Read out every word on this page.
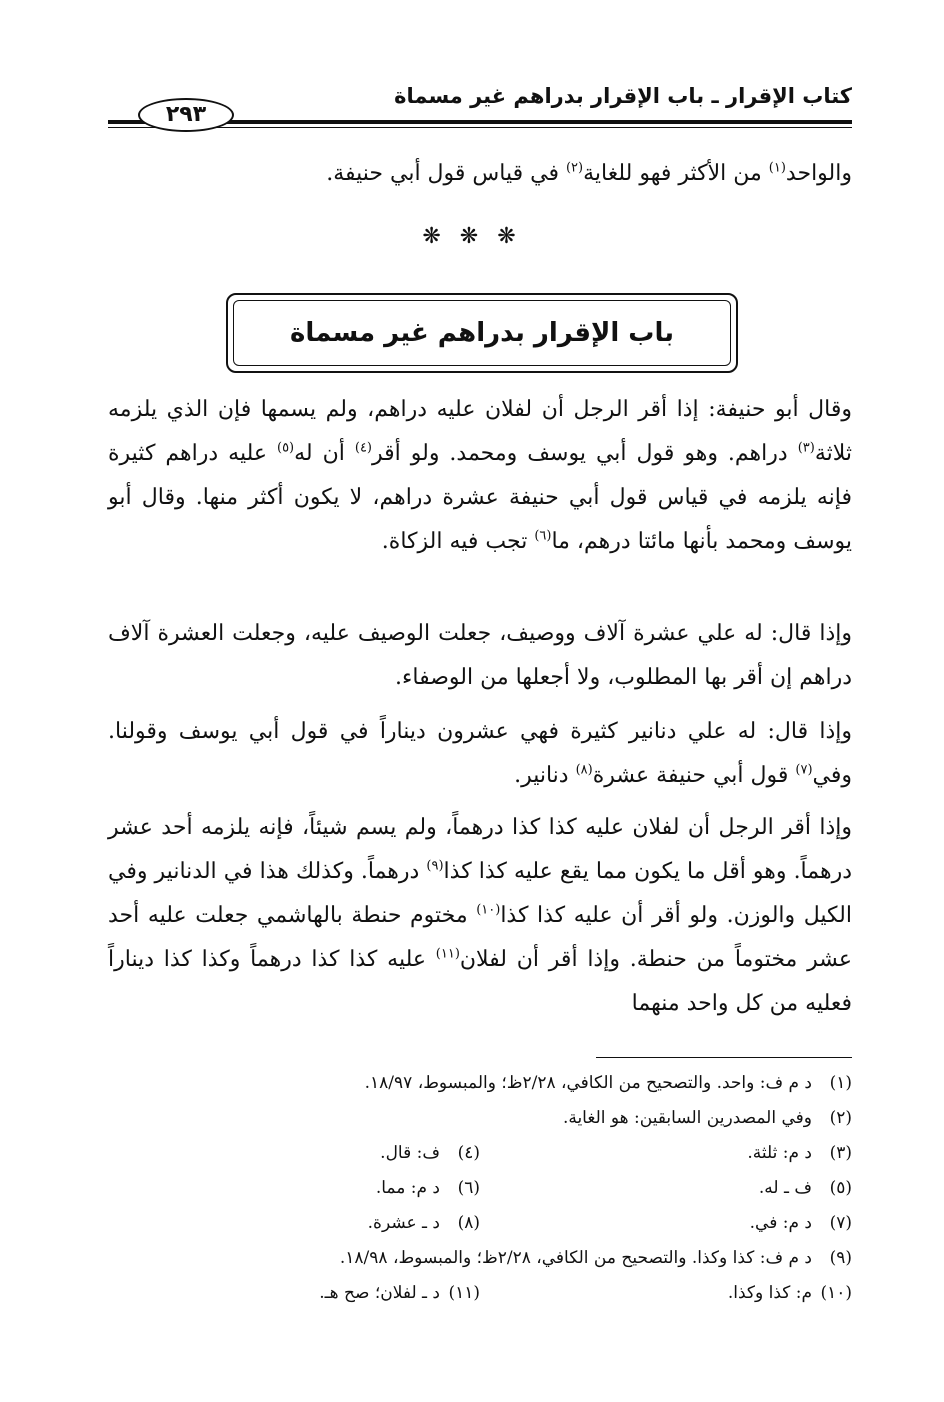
كتاب الإقرار ـ باب الإقرار بدراهم غير مسماة
٢٩٣
والواحد$^{(١)}$ من الأكثر فهو للغاية$^{(٢)}$ في قياس قول أبي حنيفة.
❋ ❋ ❋
باب الإقرار بدراهم غير مسماة
وقال أبو حنيفة: إذا أقر الرجل أن لفلان عليه دراهم، ولم يسمها فإن الذي يلزمه ثلاثة$^{(٣)}$ دراهم. وهو قول أبي يوسف ومحمد. ولو أقر$^{(٤)}$ أن له$^{(٥)}$ عليه دراهم كثيرة فإنه يلزمه في قياس قول أبي حنيفة عشرة دراهم، لا يكون أكثر منها. وقال أبو يوسف ومحمد بأنها مائتا درهم، ما$^{(٦)}$ تجب فيه الزكاة.
وإذا قال: له علي عشرة آلاف ووصيف، جعلت الوصيف عليه، وجعلت العشرة آلاف دراهم إن أقر بها المطلوب، ولا أجعلها من الوصفاء.
وإذا قال: له علي دنانير كثيرة فهي عشرون ديناراً في قول أبي يوسف وقولنا. وفي$^{(٧)}$ قول أبي حنيفة عشرة$^{(٨)}$ دنانير.
وإذا أقر الرجل أن لفلان عليه كذا كذا درهماً، ولم يسم شيئاً، فإنه يلزمه أحد عشر درهماً. وهو أقل ما يكون مما يقع عليه كذا كذا$^{(٩)}$ درهماً. وكذلك هذا في الدنانير وفي الكيل والوزن. ولو أقر أن عليه كذا كذا$^{(١٠)}$ مختوم حنطة بالهاشمي جعلت عليه أحد عشر مختوماً من حنطة. وإذا أقر أن لفلان$^{(١١)}$ عليه كذا كذا درهماً وكذا كذا ديناراً فعليه من كل واحد منهما
(١)
د م ف: واحد. والتصحيح من الكافي، ٢/٢٨ظ؛ والمبسوط، ١٨/٩٧.
(٢)
وفي المصدرين السابقين: هو الغاية.
(٣)
د م: ثلثة.
(٤)
ف: قال.
(٥)
ف ـ له.
(٦)
د م: مما.
(٧)
د م: في.
(٨)
د ـ عشرة.
(٩)
د م ف: كذا وكذا. والتصحيح من الكافي، ٢/٢٨ظ؛ والمبسوط، ١٨/٩٨.
(١٠)
م: كذا وكذا.
(١١)
د ـ لفلان؛ صح هـ.
